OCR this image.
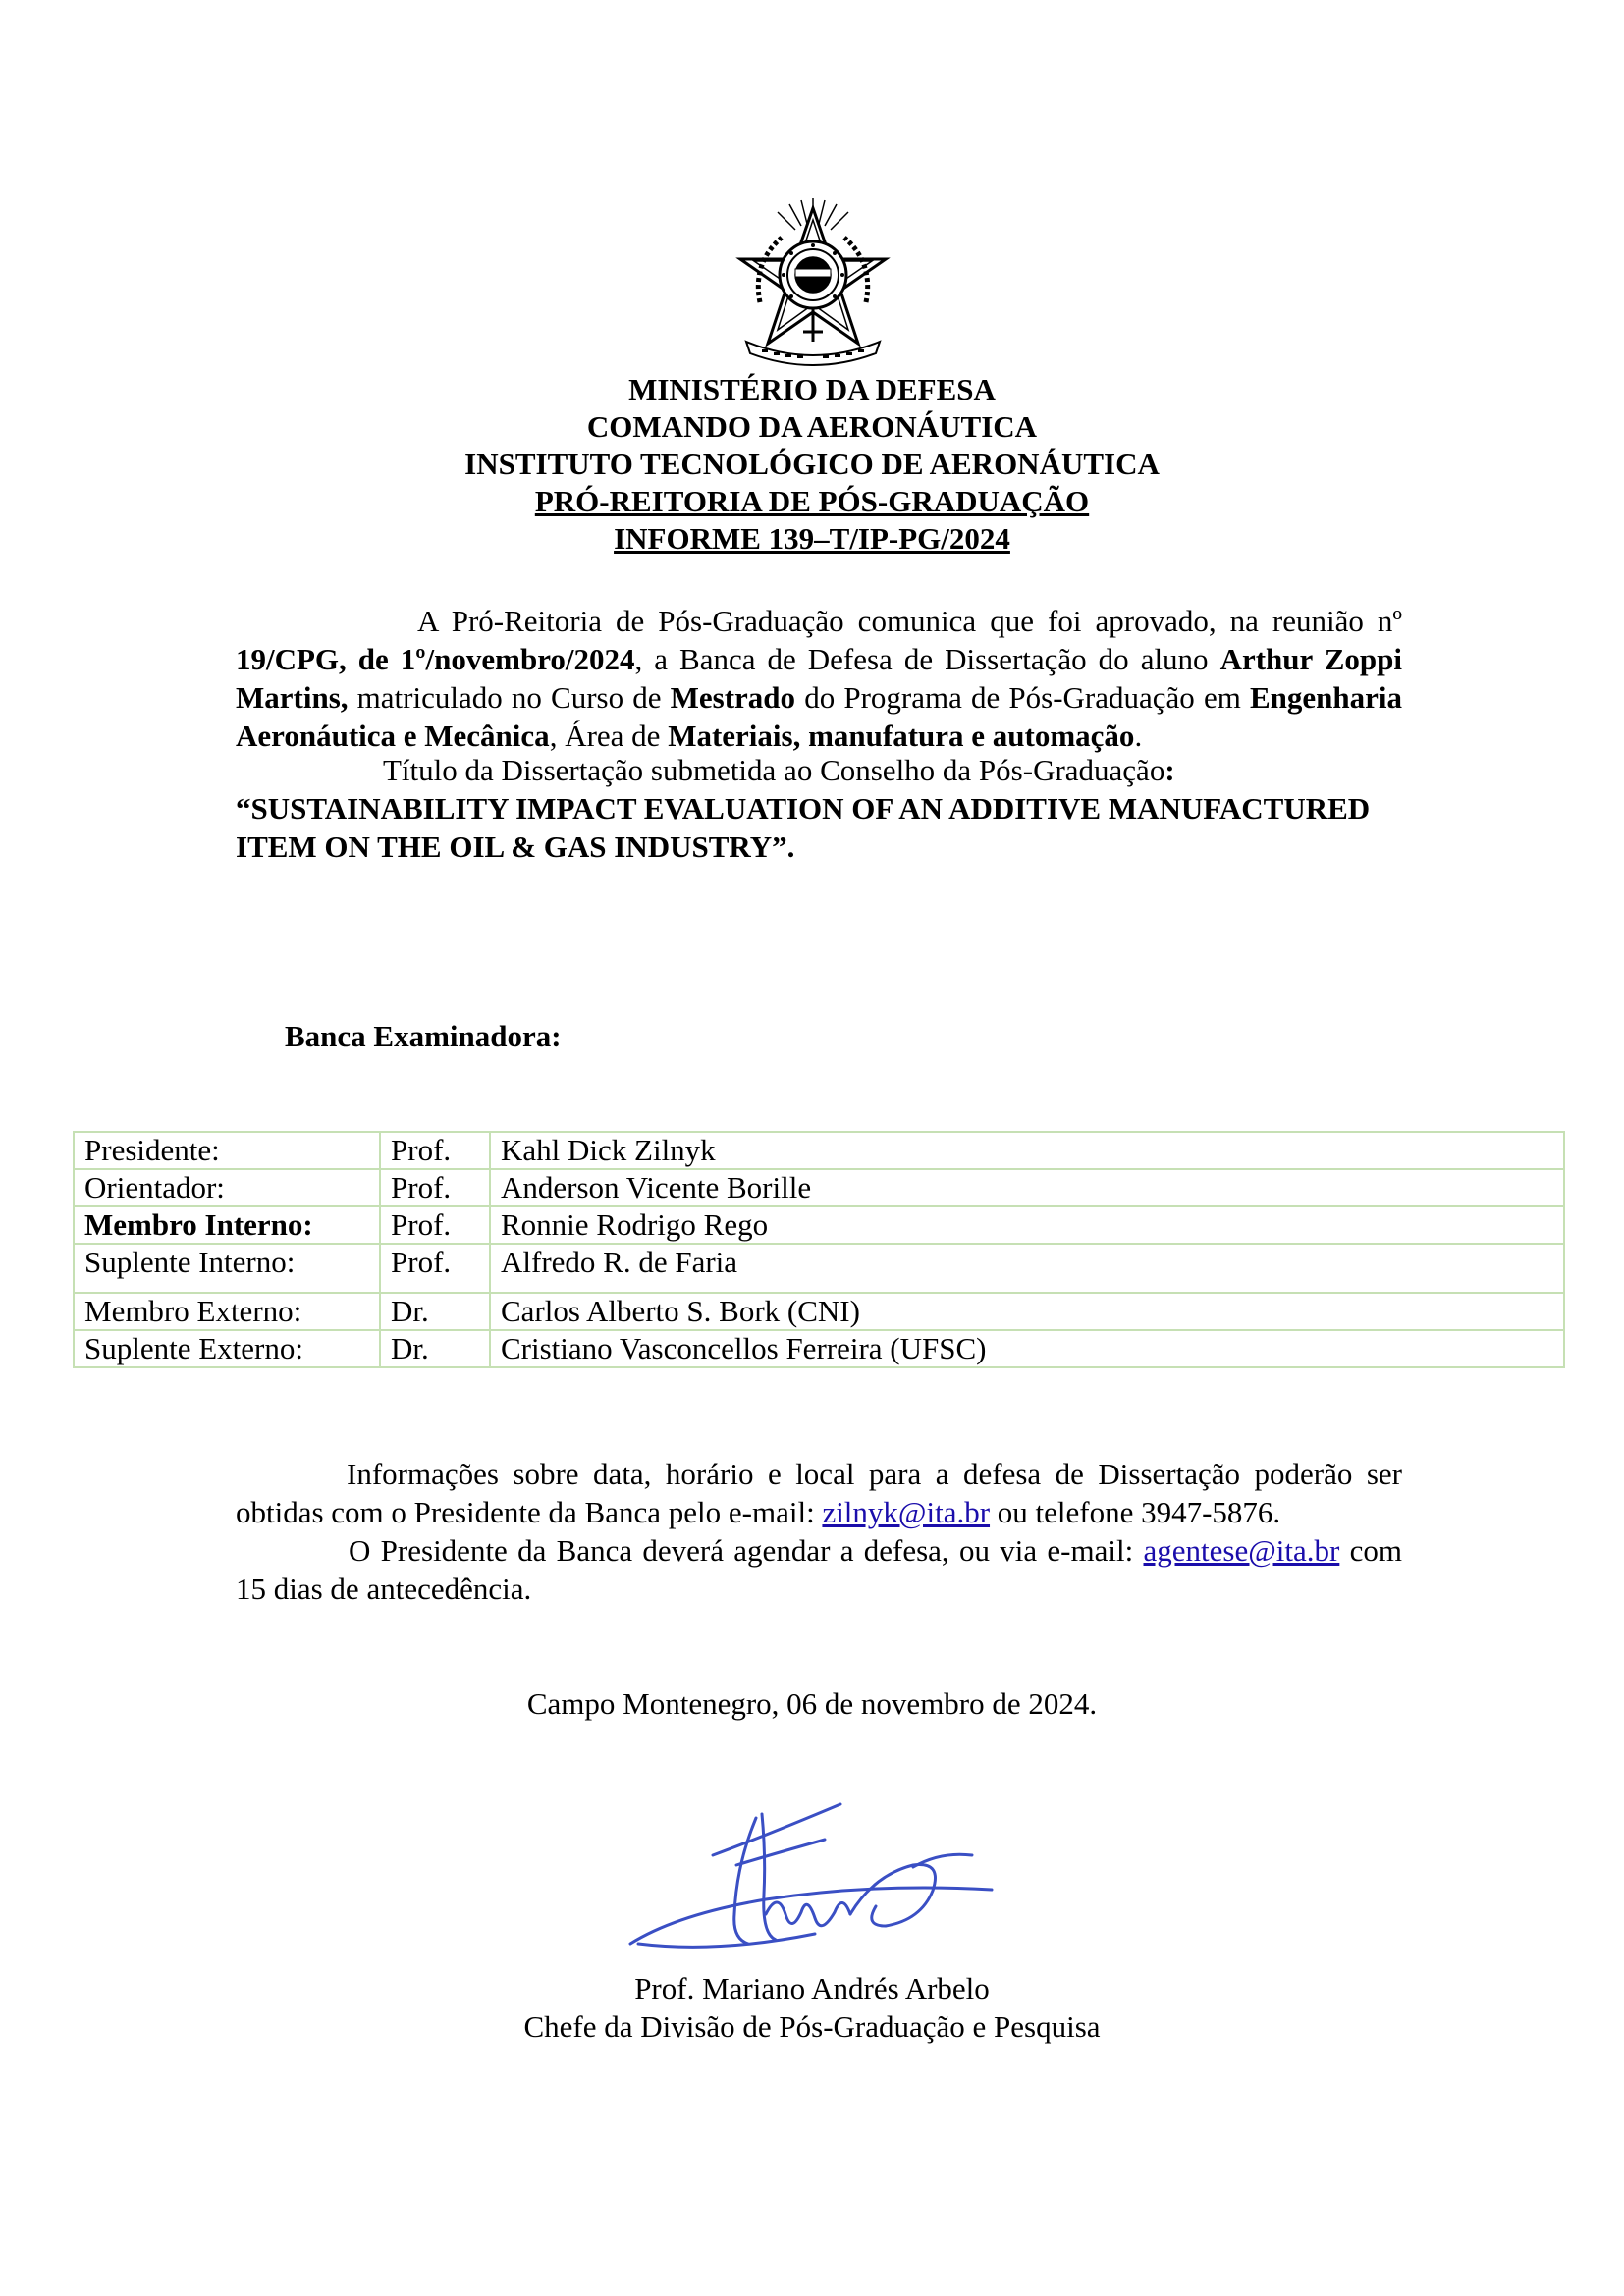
MINISTÉRIO DA DEFESA
COMANDO DA AERONÁUTICA
INSTITUTO TECNOLÓGICO DE AERONÁUTICA
PRÓ-REITORIA DE PÓS-GRADUAÇÃO
INFORME 139–T/IP-PG/2024
A Pró-Reitoria de Pós-Graduação comunica que foi aprovado, na reunião nº 19/CPG, de 1º/novembro/2024, a Banca de Defesa de Dissertação do aluno Arthur Zoppi Martins, matriculado no Curso de Mestrado do Programa de Pós-Graduação em Engenharia Aeronáutica e Mecânica, Área de Materiais, manufatura e automação.
Título da Dissertação submetida ao Conselho da Pós-Graduação:
“SUSTAINABILITY IMPACT EVALUATION OF AN ADDITIVE MANUFACTURED ITEM ON THE OIL & GAS INDUSTRY”.
Banca Examinadora:
Presidente:	Prof.	Kahl Dick Zilnyk
Orientador:	Prof.	Anderson Vicente Borille
Membro Interno:	Prof.	Ronnie Rodrigo Rego
Suplente Interno:	Prof.	Alfredo R. de Faria
Membro Externo:	Dr.	Carlos Alberto S. Bork (CNI)
Suplente Externo:	Dr.	Cristiano Vasconcellos Ferreira (UFSC)
Informações sobre data, horário e local para a defesa de Dissertação poderão ser obtidas com o Presidente da Banca pelo e-mail: zilnyk@ita.br ou telefone 3947-5876.
O Presidente da Banca deverá agendar a defesa, ou via e-mail: agentese@ita.br com 15 dias de antecedência.
Campo Montenegro, 06 de novembro de 2024.
Prof. Mariano Andrés Arbelo
Chefe da Divisão de Pós-Graduação e Pesquisa
